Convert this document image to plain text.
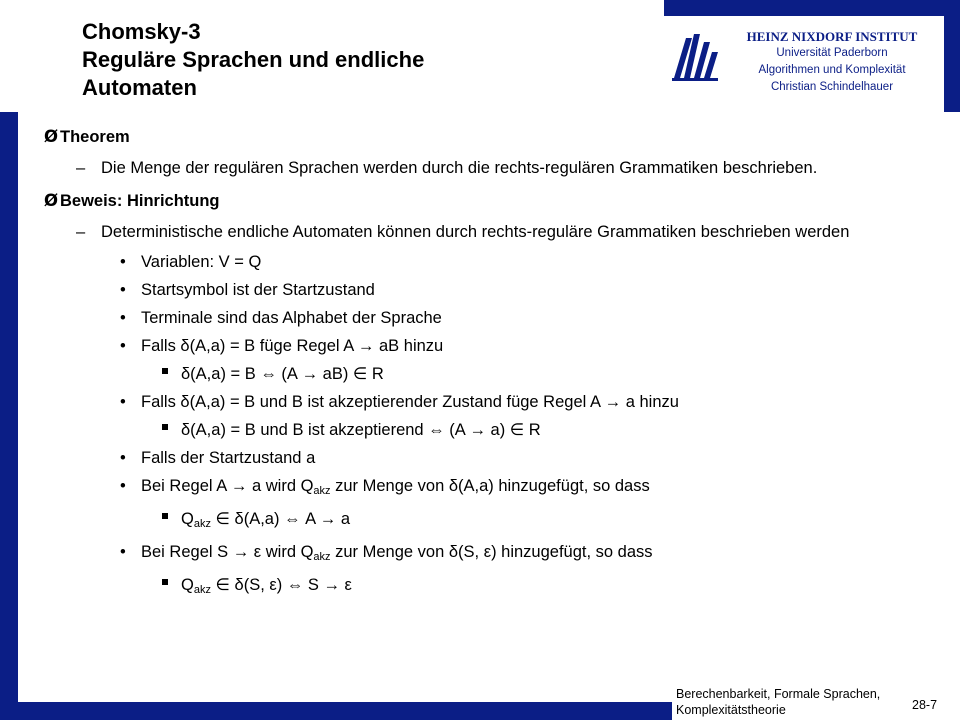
Chomsky-3
Reguläre Sprachen und endliche
Automaten
HEINZ NIXDORF INSTITUT
Universität Paderborn
Algorithmen und Komplexität
Christian Schindelhauer
Ø Theorem
– Die Menge der regulären Sprachen werden durch die rechts-regulären Grammatiken beschrieben.
Ø Beweis: Hinrichtung
– Deterministische endliche Automaten können durch rechts-reguläre Grammatiken beschrieben werden
• Variablen: V = Q
• Startsymbol ist der Startzustand
• Terminale sind das Alphabet der Sprache
• Falls δ(A,a) = B füge Regel A → aB hinzu
δ(A,a) = B ⇔ (A → aB) ∈ R
• Falls δ(A,a) = B und B ist akzeptierender Zustand füge Regel A → a hinzu
δ(A,a) = B und B ist akzeptierend ⇔ (A → a) ∈ R
• Falls der Startzustand a
• Bei Regel A → a wird $Q_{akz}$ zur Menge von δ(A,a) hinzugefügt, so dass
$Q_{akz}$ ∈ δ(A,a) ⇔ A → a
• Bei Regel S → ε wird $Q_{akz}$ zur Menge von δ(S, ε) hinzugefügt, so dass
$Q_{akz}$ ∈ δ(S, ε) ⇔ S → ε
Berechenbarkeit, Formale Sprachen,
Komplexitätstheorie	28-7
